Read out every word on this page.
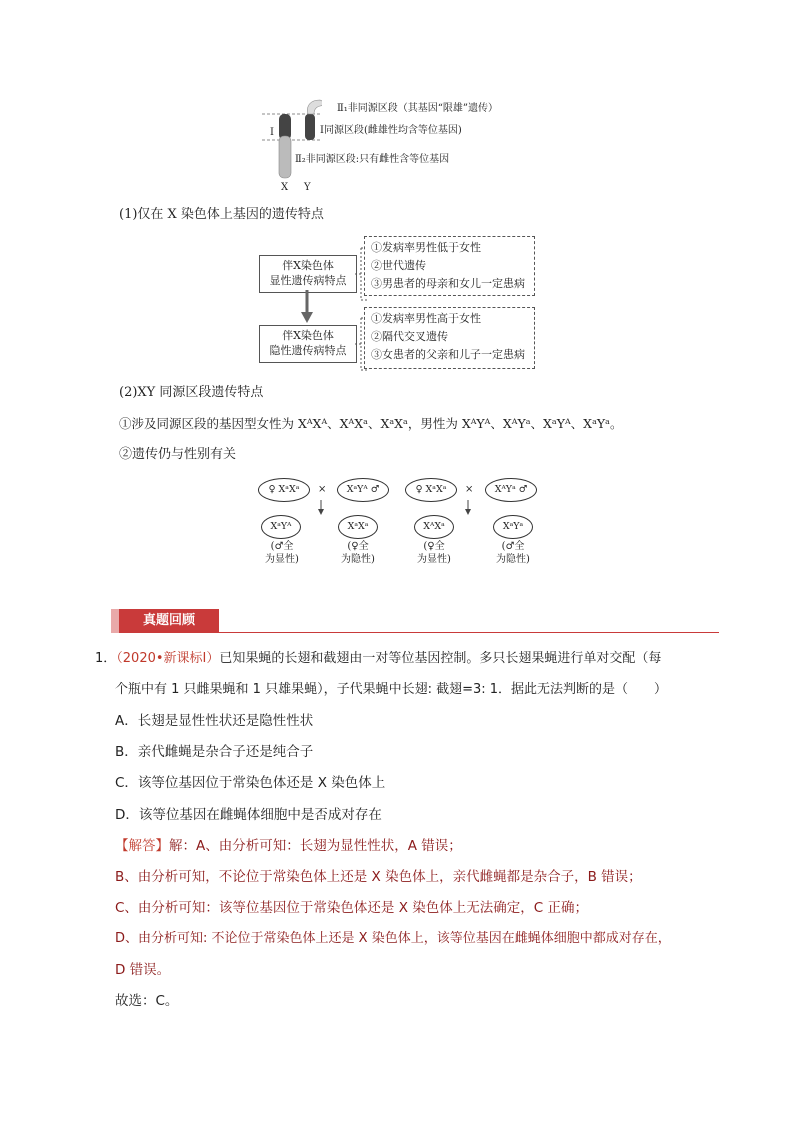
Ⅰ
Ⅱ₁非同源区段（其基因“限雄”遗传）
Ⅰ同源区段(雌雄性均含等位基因)
Ⅱ₂非同源区段:只有雌性含等位基因
X Y
(1)仅在 X 染色体上基因的遗传特点
伴X染色体
显性遗传病特点
①发病率男性低于女性
②世代遗传
③男患者的母亲和女儿一定患病
伴X染色体
隐性遗传病特点
①发病率男性高于女性
②隔代交叉遗传
③女患者的父亲和儿子一定患病
(2)XY 同源区段遗传特点
①涉及同源区段的基因型女性为 XᴬXᴬ、XᴬXᵃ、XᵃXᵃ，男性为 XᴬYᴬ、XᴬYᵃ、XᵃYᴬ、XᵃYᵃ。
②遗传仍与性别有关
♀ XᵃXᵃ	×	XᵃYᴬ ♂	♀ XᵃXᵃ	×	XᴬYᵃ ♂
XᵃYᴬ	XᵃXᵃ	XᴬXᵃ	XᵃYᵃ
(♂全
为显性)
(♀全
为隐性)
(♀全
为显性)
(♂全
为隐性)
真题回顾
1．（2020•新课标Ⅰ）已知果蝇的长翅和截翅由一对等位基因控制。多只长翅果蝇进行单对交配（每
个瓶中有 1 只雌果蝇和 1 只雄果蝇），子代果蝇中长翅: 截翅=3: 1．据此无法判断的是（　　）
A．长翅是显性性状还是隐性性状
B．亲代雌蝇是杂合子还是纯合子
C．该等位基因位于常染色体还是 X 染色体上
D．该等位基因在雌蝇体细胞中是否成对存在
【解答】解：A、由分析可知：长翅为显性性状，A 错误；
B、由分析可知，不论位于常染色体上还是 X 染色体上，亲代雌蝇都是杂合子，B 错误；
C、由分析可知：该等位基因位于常染色体还是 X 染色体上无法确定，C 正确；
D、由分析可知: 不论位于常染色体上还是 X 染色体上，该等位基因在雌蝇体细胞中都成对存在，
D 错误。
故选：C。
